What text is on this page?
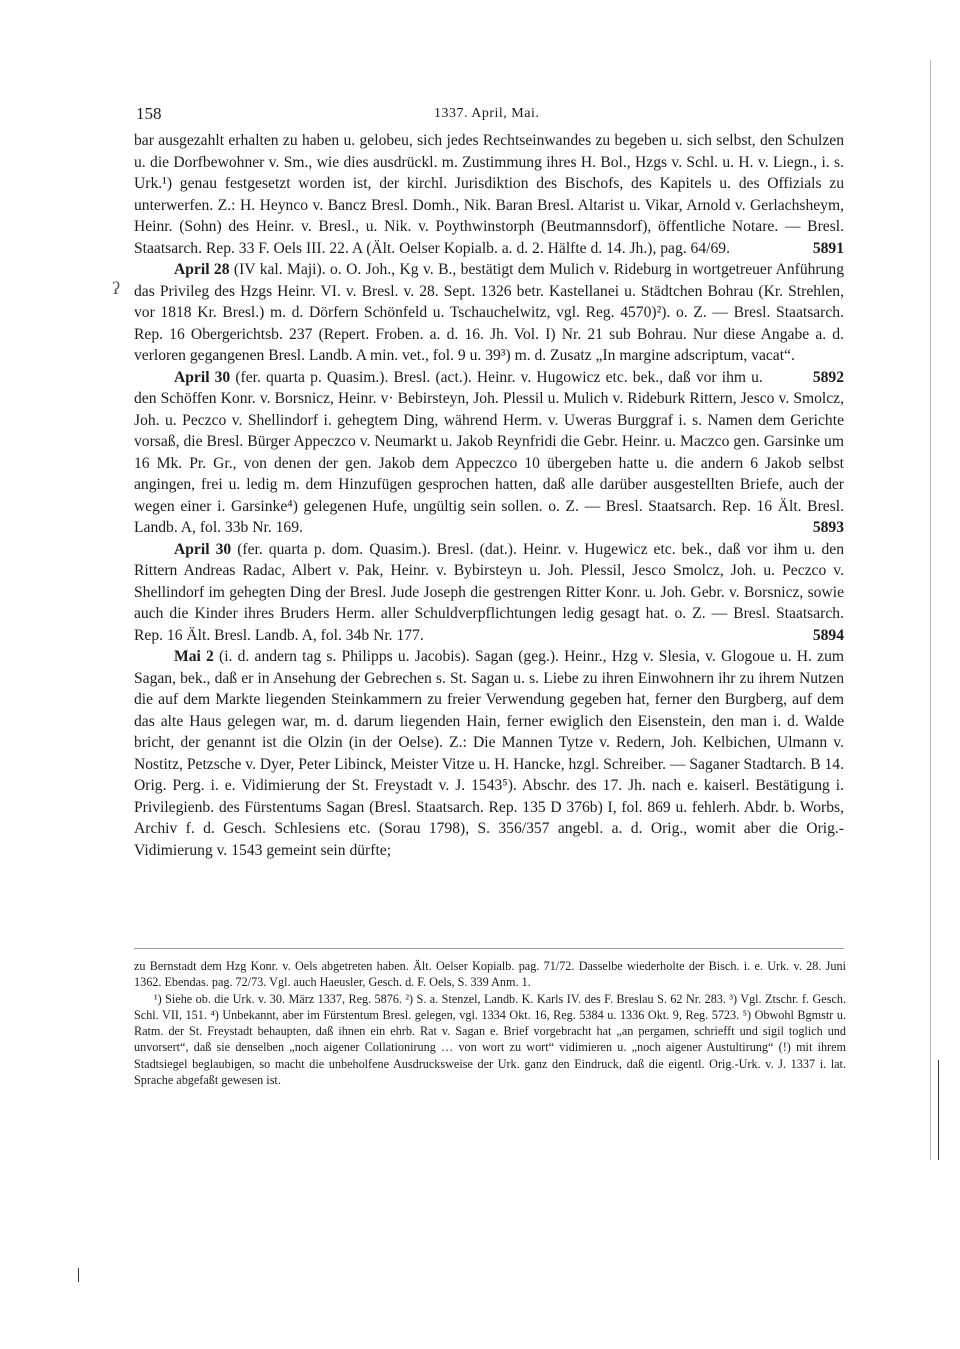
158	1337. April, Mai.
ʔ

bar ausgezahlt erhalten zu haben u. gelobeu, sich jedes Rechtseinwandes zu begeben u. sich selbst, den Schulzen u. die Dorfbewohner v. Sm., wie dies ausdrückl. m. Zustimmung ihres H. Bol., Hzgs v. Schl. u. H. v. Liegn., i. s. Urk.¹) genau festgesetzt worden ist, der kirchl. Jurisdiktion des Bischofs, des Kapitels u. des Offizials zu unterwerfen. Z.: H. Heynco v. Bancz Bresl. Domh., Nik. Baran Bresl. Altarist u. Vikar, Arnold v. Gerlachsheym, Heinr. (Sohn) des Heinr. v. Bresl., u. Nik. v. Poythwinstorph (Beutmannsdorf), öffentliche Notare. — Bresl. Staatsarch. Rep. 33 F. Oels III. 22. A (Ält. Oelser Kopialb. a. d. 2. Hälfte d. 14. Jh.), pag. 64/69.	5891

April 28 (IV kal. Maji). o. O. Joh., Kg v. B., bestätigt dem Mulich v. Rideburg in wortgetreuer Anführung das Privileg des Hzgs Heinr. VI. v. Bresl. v. 28. Sept. 1326 betr. Kastellanei u. Städtchen Bohrau (Kr. Strehlen, vor 1818 Kr. Bresl.) m. d. Dörfern Schönfeld u. Tschauchelwitz, vgl. Reg. 4570)²). o. Z. — Bresl. Staatsarch. Rep. 16 Obergerichtsb. 237 (Repert. Froben. a. d. 16. Jh. Vol. I) Nr. 21 sub Bohrau. Nur diese Angabe a. d. verloren gegangenen Bresl. Landb. A min. vet., fol. 9 u. 39³) m. d. Zusatz „In margine adscriptum, vacat“.
5892

April 30 (fer. quarta p. Quasim.). Bresl. (act.). Heinr. v. Hugowicz etc. bek., daß vor ihm u. den Schöffen Konr. v. Borsnicz, Heinr. v· Bebirsteyn, Joh. Plessil u. Mulich v. Rideburk Rittern, Jesco v. Smolcz, Joh. u. Peczco v. Shellindorf i. gehegtem Ding, während Herm. v. Uweras Burggraf i. s. Namen dem Gerichte vorsaß, die Bresl. Bürger Appeczco v. Neumarkt u. Jakob Reynfridi die Gebr. Heinr. u. Maczco gen. Garsinke um 16 Mk. Pr. Gr., von denen der gen. Jakob dem Appeczco 10 übergeben hatte u. die andern 6 Jakob selbst angingen, frei u. ledig m. dem Hinzufügen gesprochen hatten, daß alle darüber ausgestellten Briefe, auch der wegen einer i. Garsinke⁴) gelegenen Hufe, ungültig sein sollen. o. Z. — Bresl. Staatsarch. Rep. 16 Ält. Bresl. Landb. A, fol. 33b Nr. 169.	5893

April 30 (fer. quarta p. dom. Quasim.). Bresl. (dat.). Heinr. v. Hugewicz etc. bek., daß vor ihm u. den Rittern Andreas Radac, Albert v. Pak, Heinr. v. Bybirsteyn u. Joh. Plessil, Jesco Smolcz, Joh. u. Peczco v. Shellindorf im gehegten Ding der Bresl. Jude Joseph die gestrengen Ritter Konr. u. Joh. Gebr. v. Borsnicz, sowie auch die Kinder ihres Bruders Herm. aller Schuldverpflichtungen ledig gesagt hat. o. Z. — Bresl. Staatsarch. Rep. 16 Ält. Bresl. Landb. A, fol. 34b Nr. 177.	5894

Mai 2 (i. d. andern tag s. Philipps u. Jacobis). Sagan (geg.). Heinr., Hzg v. Slesia, v. Glogoue u. H. zum Sagan, bek., daß er in Ansehung der Gebrechen s. St. Sagan u. s. Liebe zu ihren Einwohnern ihr zu ihrem Nutzen die auf dem Markte liegenden Steinkammern zu freier Verwendung gegeben hat, ferner den Burgberg, auf dem das alte Haus gelegen war, m. d. darum liegenden Hain, ferner ewiglich den Eisenstein, den man i. d. Walde bricht, der genannt ist die Olzin (in der Oelse). Z.: Die Mannen Tytze v. Redern, Joh. Kelbichen, Ulmann v. Nostitz, Petzsche v. Dyer, Peter Libinck, Meister Vitze u. H. Hancke, hzgl. Schreiber. — Saganer Stadtarch. B 14. Orig. Perg. i. e. Vidimierung der St. Freystadt v. J. 1543⁵). Abschr. des 17. Jh. nach e. kaiserl. Bestätigung i. Privilegienb. des Fürstentums Sagan (Bresl. Staatsarch. Rep. 135 D 376b) I, fol. 869 u. fehlerh. Abdr. b. Worbs, Archiv f. d. Gesch. Schlesiens etc. (Sorau 1798), S. 356/357 angebl. a. d. Orig., womit aber die Orig.-Vidimierung v. 1543 gemeint sein dürfte;

zu Bernstadt dem Hzg Konr. v. Oels abgetreten haben. Ält. Oelser Kopialb. pag. 71/72. Dasselbe wiederholte der Bisch. i. e. Urk. v. 28. Juni 1362. Ebendas. pag. 72/73. Vgl. auch Haeusler, Gesch. d. F. Oels, S. 339 Anm. 1.

¹) Siehe ob. die Urk. v. 30. März 1337, Reg. 5876. ²) S. a. Stenzel, Landb. K. Karls IV. des F. Breslau S. 62 Nr. 283. ³) Vgl. Ztschr. f. Gesch. Schl. VII, 151. ⁴) Unbekannt, aber im Fürstentum Bresl. gelegen, vgl. 1334 Okt. 16, Reg. 5384 u. 1336 Okt. 9, Reg. 5723. ⁵) Obwohl Bgmstr u. Ratm. der St. Freystadt behaupten, daß ihnen ein ehrb. Rat v. Sagan e. Brief vorgebracht hat „an pergamen, schriefft und sigil toglich und unvorsert“, daß sie denselben „noch aigener Collationirung … von wort zu wort“ vidimieren u. „noch aigener Austultirung“ (!) mit ihrem Stadtsiegel beglaubigen, so macht die unbeholfene Ausdrucksweise der Urk. ganz den Eindruck, daß die eigentl. Orig.-Urk. v. J. 1337 i. lat. Sprache abgefaßt gewesen ist.
